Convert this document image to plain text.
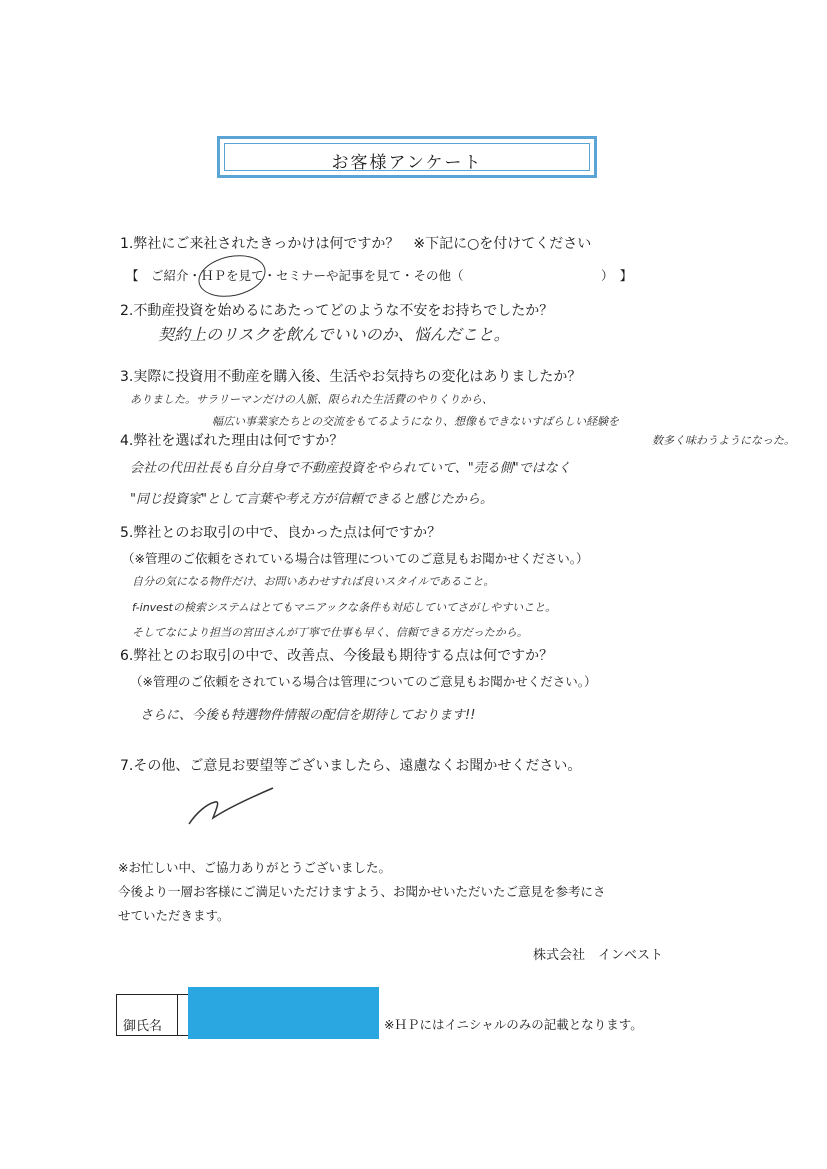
お客様アンケート
1.弊社にご来社されたきっかけは何ですか？　※下記に○を付けてください
【　ご紹介・ＨＰを見て・セミナーや記事を見て・その他（　　　　　　　　　　　）　】
2.不動産投資を始めるにあたってどのような不安をお持ちでしたか？
契約上のリスクを飲んでいいのか、悩んだこと。
3.実際に投資用不動産を購入後、生活やお気持ちの変化はありましたか？
ありました。サラリーマンだけの人脈、限られた生活費のやりくりから、
幅広い事業家たちとの交流をもてるようになり、想像もできないすばらしい経験を
数多く味わうようになった。
4.弊社を選ばれた理由は何ですか？
会社の代田社長も自分自身で不動産投資をやられていて、"売る側"ではなく
"同じ投資家"として言葉や考え方が信頼できると感じたから。
5.弊社とのお取引の中で、良かった点は何ですか？
（※管理のご依頼をされている場合は管理についてのご意見もお聞かせください。）
自分の気になる物件だけ、お問いあわせすれば良いスタイルであること。
f-investの検索システムはとてもマニアックな条件も対応していてさがしやすいこと。
そしてなにより担当の宮田さんが丁寧で仕事も早く、信頼できる方だったから。
6.弊社とのお取引の中で、改善点、今後最も期待する点は何ですか？
（※管理のご依頼をされている場合は管理についてのご意見もお聞かせください。）
さらに、今後も特選物件情報の配信を期待しております!!
7.その他、ご意見お要望等ございましたら、遠慮なくお聞かせください。
※お忙しい中、ご協力ありがとうございました。
今後より一層お客様にご満足いただけますよう、お聞かせいただいたご意見を参考にさ
せていただきます。
株式会社　インベスト
御氏名	※ＨＰにはイニシャルのみの記載となります。
